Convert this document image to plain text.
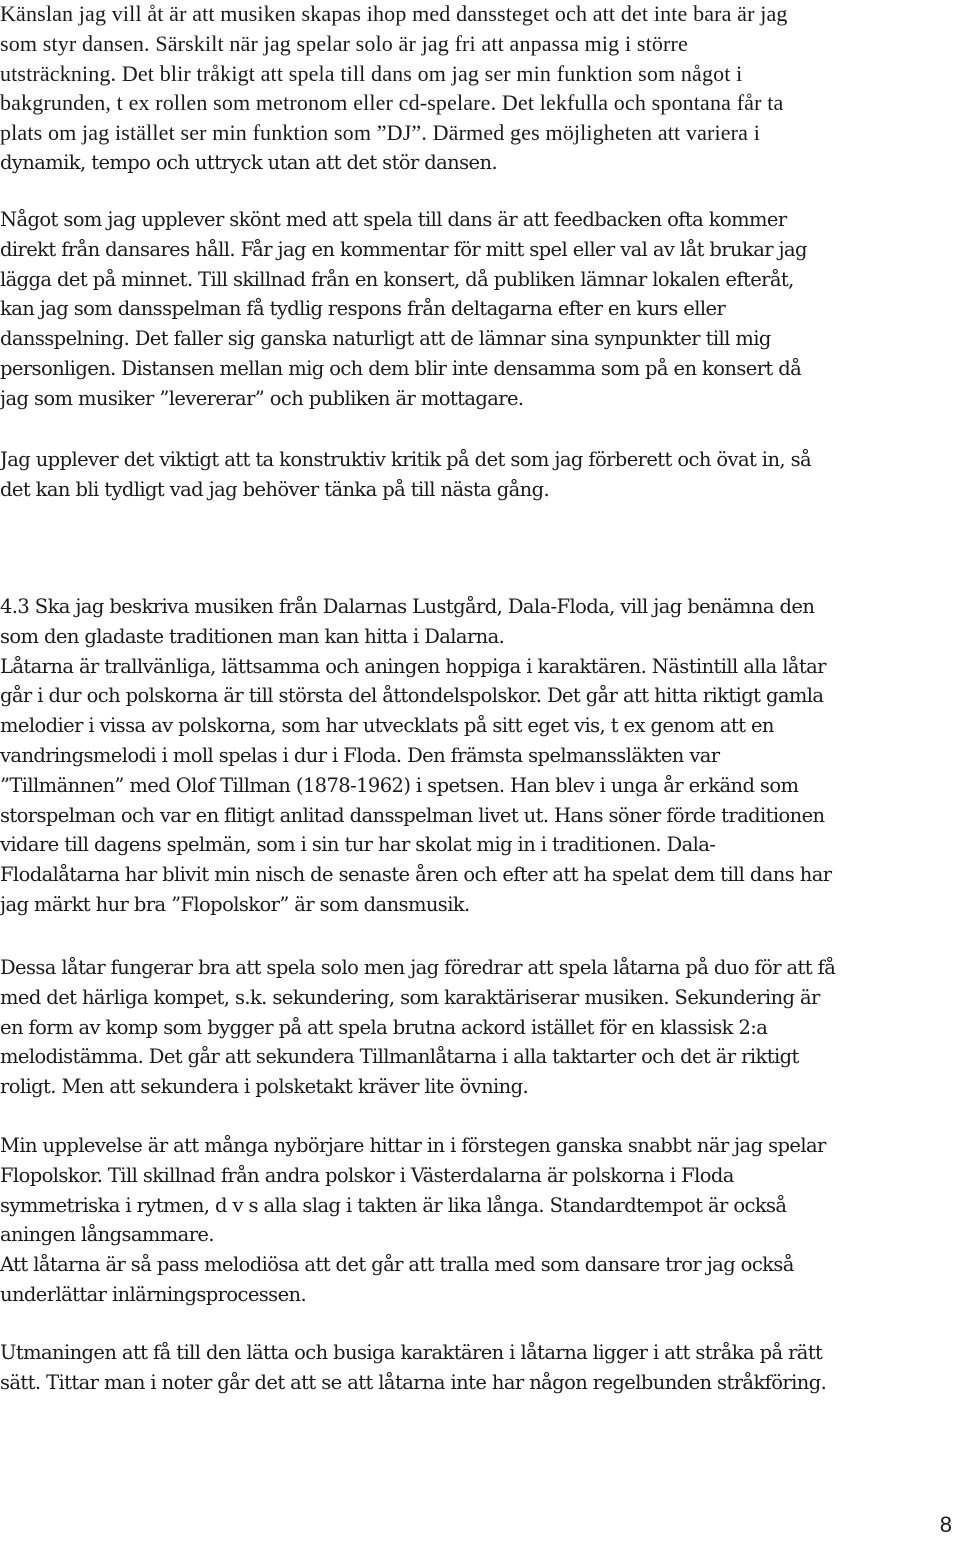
Känslan jag vill åt är att musiken skapas ihop med danssteget och att det inte bara är jag
som styr dansen. Särskilt när jag spelar solo är jag fri att anpassa mig i större
utsträckning. Det blir tråkigt att spela till dans om jag ser min funktion som något i
bakgrunden, t ex rollen som metronom eller cd-spelare. Det lekfulla och spontana får ta
plats om jag istället ser min funktion som ”DJ”. Därmed ges möjligheten att variera i
dynamik, tempo och uttryck utan att det stör dansen.

Något som jag upplever skönt med att spela till dans är att feedbacken ofta kommer
direkt från dansares håll. Får jag en kommentar för mitt spel eller val av låt brukar jag
lägga det på minnet. Till skillnad från en konsert, då publiken lämnar lokalen efteråt,
kan jag som dansspelman få tydlig respons från deltagarna efter en kurs eller
dansspelning. Det faller sig ganska naturligt att de lämnar sina synpunkter till mig
personligen. Distansen mellan mig och dem blir inte densamma som på en konsert då
jag som musiker ”levererar” och publiken är mottagare.

Jag upplever det viktigt att ta konstruktiv kritik på det som jag förberett och övat in, så
det kan bli tydligt vad jag behöver tänka på till nästa gång.

4.3 Ska jag beskriva musiken från Dalarnas Lustgård, Dala-Floda, vill jag benämna den
som den gladaste traditionen man kan hitta i Dalarna.
Låtarna är trallvänliga, lättsamma och aningen hoppiga i karaktären. Nästintill alla låtar
går i dur och polskorna är till största del åttondelspolskor. Det går att hitta riktigt gamla
melodier i vissa av polskorna, som har utvecklats på sitt eget vis, t ex genom att en
vandringsmelodi i moll spelas i dur i Floda. Den främsta spelmanssläkten var
”Tillmännen” med Olof Tillman (1878-1962) i spetsen. Han blev i unga år erkänd som
storspelman och var en flitigt anlitad dansspelman livet ut. Hans söner förde traditionen
vidare till dagens spelmän, som i sin tur har skolat mig in i traditionen. Dala-
Flodalåtarna har blivit min nisch de senaste åren och efter att ha spelat dem till dans har
jag märkt hur bra ”Flopolskor” är som dansmusik.

Dessa låtar fungerar bra att spela solo men jag föredrar att spela låtarna på duo för att få
med det härliga kompet, s.k. sekundering, som karaktäriserar musiken. Sekundering är
en form av komp som bygger på att spela brutna ackord istället för en klassisk 2:a
melodistämma. Det går att sekundera Tillmanlåtarna i alla taktarter och det är riktigt
roligt. Men att sekundera i polsketakt kräver lite övning.

Min upplevelse är att många nybörjare hittar in i förstegen ganska snabbt när jag spelar
Flopolskor. Till skillnad från andra polskor i Västerdalarna är polskorna i Floda
symmetriska i rytmen, d v s alla slag i takten är lika långa. Standardtempot är också
aningen långsammare.
Att låtarna är så pass melodiösa att det går att tralla med som dansare tror jag också
underlättar inlärningsprocessen.

Utmaningen att få till den lätta och busiga karaktären i låtarna ligger i att stråka på rätt
sätt. Tittar man i noter går det att se att låtarna inte har någon regelbunden stråkföring.

8
